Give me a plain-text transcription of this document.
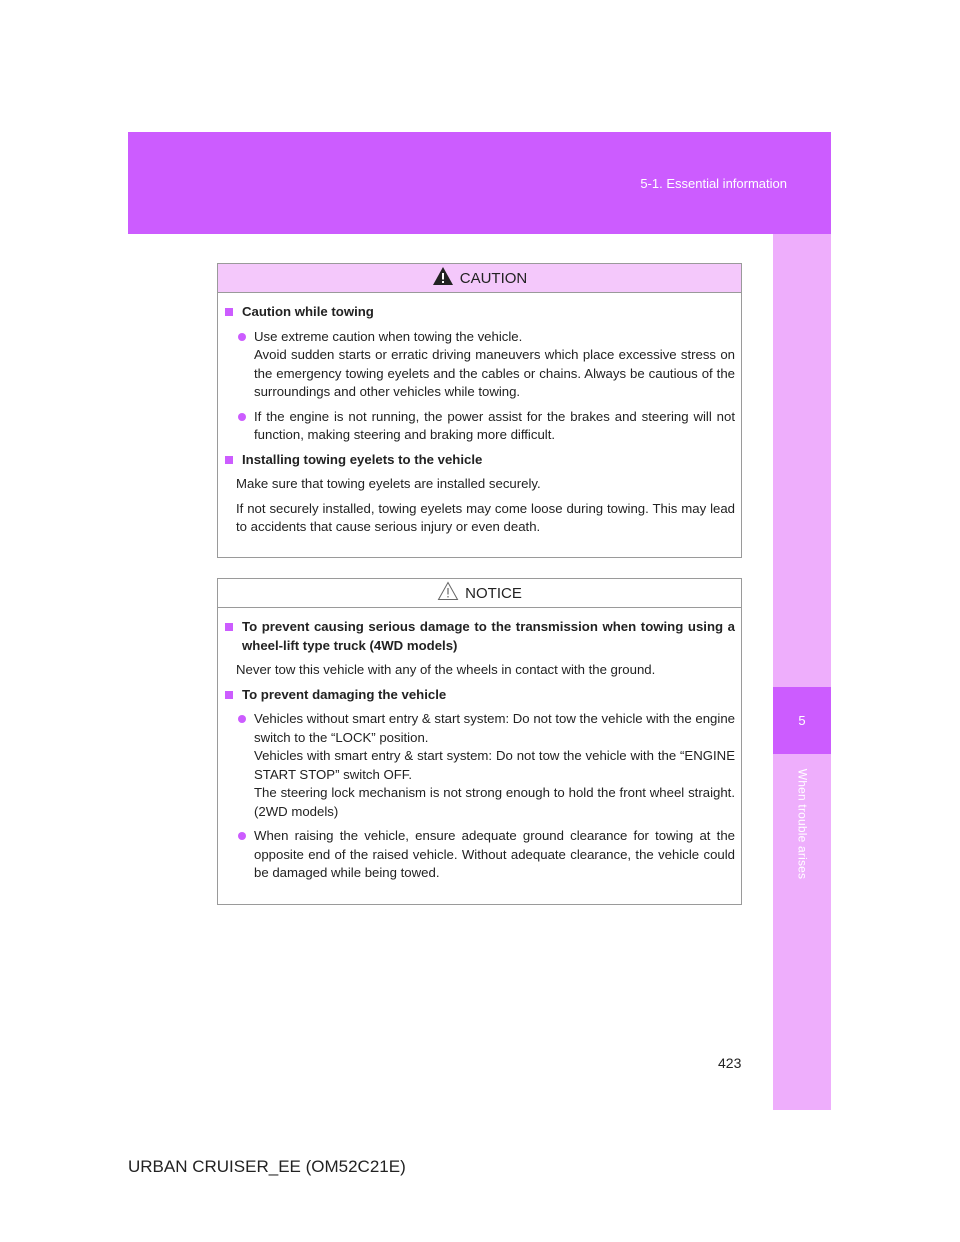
5-1. Essential information
5
When trouble arises
CAUTION
Caution while towing
Use extreme caution when towing the vehicle.
Avoid sudden starts or erratic driving maneuvers which place excessive stress on the emergency towing eyelets and the cables or chains. Always be cautious of the surroundings and other vehicles while towing.
If the engine is not running, the power assist for the brakes and steering will not function, making steering and braking more difficult.
Installing towing eyelets to the vehicle
Make sure that towing eyelets are installed securely.
If not securely installed, towing eyelets may come loose during towing. This may lead to accidents that cause serious injury or even death.
NOTICE
To prevent causing serious damage to the transmission when towing using a wheel-lift type truck (4WD models)
Never tow this vehicle with any of the wheels in contact with the ground.
To prevent damaging the vehicle
Vehicles without smart entry & start system: Do not tow the vehicle with the engine switch to the “LOCK” position.
Vehicles with smart entry & start system: Do not tow the vehicle with the “ENGINE START STOP” switch OFF.
The steering lock mechanism is not strong enough to hold the front wheel straight. (2WD models)
When raising the vehicle, ensure adequate ground clearance for towing at the opposite end of the raised vehicle. Without adequate clearance, the vehicle could be damaged while being towed.
423
URBAN CRUISER_EE (OM52C21E)
